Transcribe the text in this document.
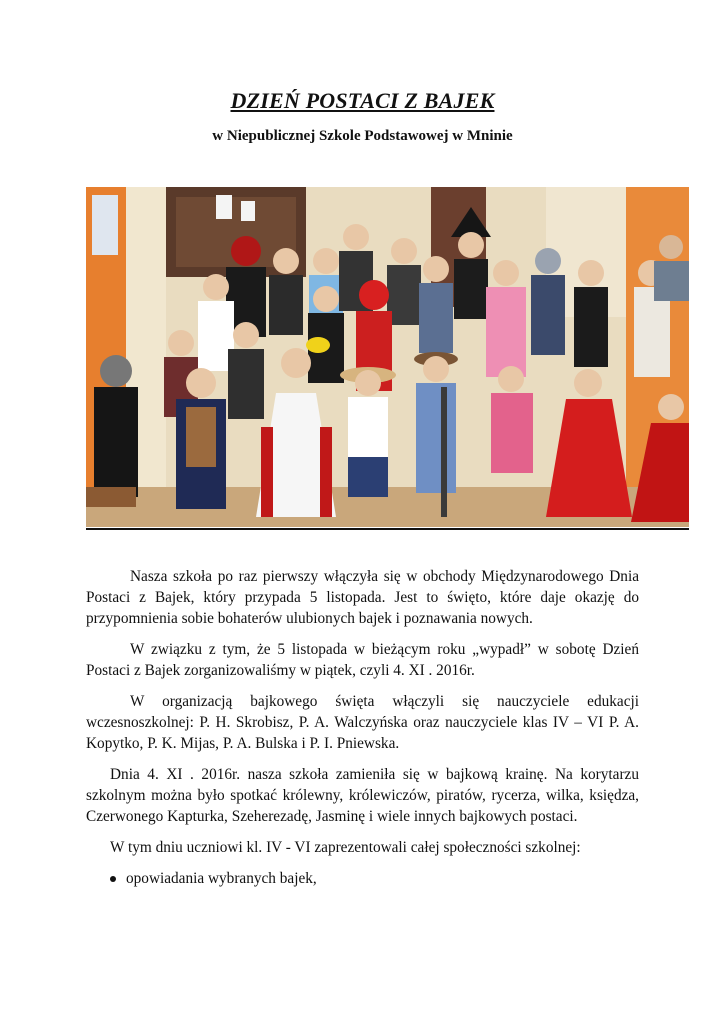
DZIEŃ POSTACI Z BAJEK
w Niepublicznej Szkole Podstawowej w Mninie

Nasza szkoła po raz pierwszy włączyła się w obchody Międzynarodowego Dnia Postaci z Bajek, który przypada 5 listopada. Jest to święto, które daje okazję do przypomnienia sobie bohaterów ulubionych bajek i poznawania nowych.

W związku z tym, że 5 listopada w bieżącym roku „wypadł” w sobotę Dzień Postaci z Bajek zorganizowaliśmy w piątek, czyli 4. XI . 2016r.

W organizacją bajkowego święta włączyli się nauczyciele edukacji wczesnoszkolnej: P. H. Skrobisz, P. A. Walczyńska oraz nauczyciele klas IV – VI P. A. Kopytko, P. K. Mijas, P. A. Bulska i P. I. Pniewska.

Dnia 4. XI . 2016r. nasza szkoła zamieniła się w bajkową krainę. Na korytarzu szkolnym można było spotkać królewny, królewiczów, piratów, rycerza, wilka, księdza, Czerwonego Kapturka, Szeherezadę, Jasminę i wiele innych bajkowych postaci.

W tym dniu uczniowi kl. IV - VI zaprezentowali całej społeczności szkolnej:

opowiadania wybranych bajek,
